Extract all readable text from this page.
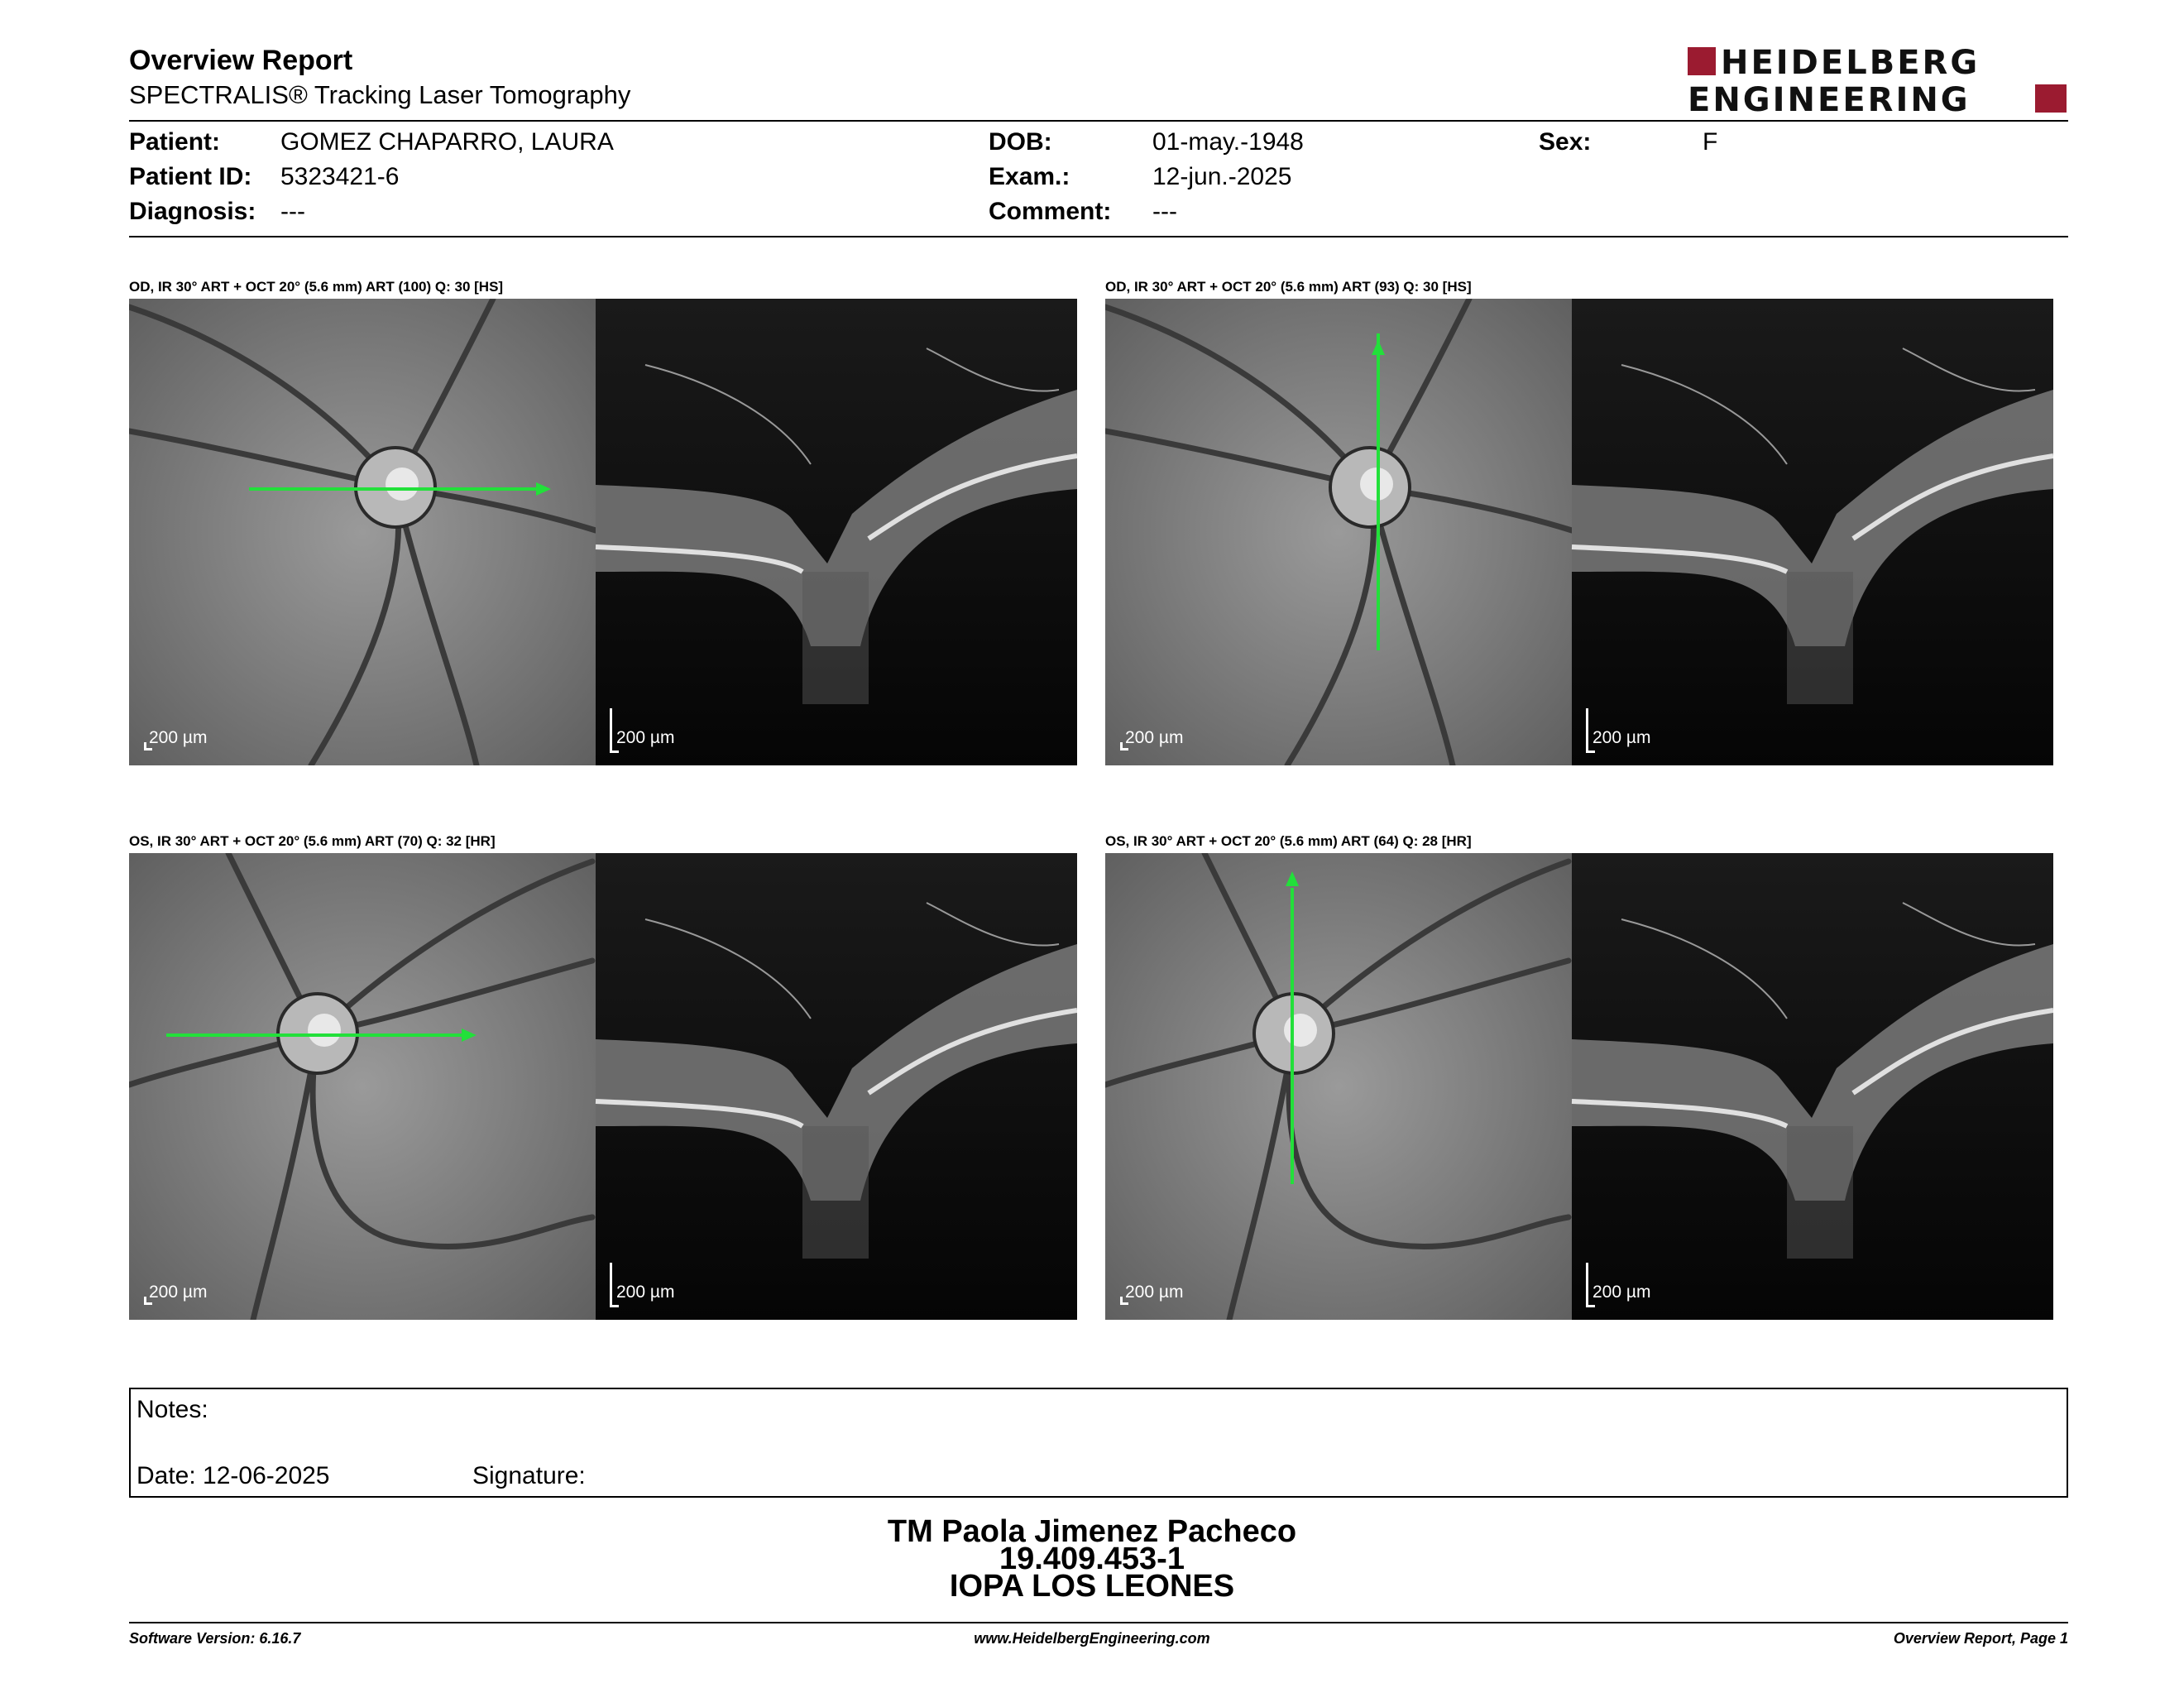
Overview Report
SPECTRALIS® Tracking Laser Tomography
HEIDELBERG
ENGINEERING
Patient: GOMEZ CHAPARRO, LAURA
Patient ID: 5323421-6
Diagnosis: ---
DOB:	01-may.-1948
Exam.:	12-jun.-2025
Comment: ---
Sex:	F
OD, IR 30° ART + OCT 20° (5.6 mm) ART (100) Q: 30 [HS]	OD, IR 30° ART + OCT 20° (5.6 mm) ART (93) Q: 30 [HS]
OS, IR 30° ART + OCT 20° (5.6 mm) ART (70) Q: 32 [HR]	OS, IR 30° ART + OCT 20° (5.6 mm) ART (64) Q: 28 [HR]
200 µm	200 µm	200 µm	200 µm
200 µm	200 µm	200 µm	200 µm
Notes:
Date: 12-06-2025	Signature:
TM Paola Jimenez Pacheco
19.409.453-1
IOPA LOS LEONES
Software Version: 6.16.7	www.HeidelbergEngineering.com	Overview Report, Page 1
